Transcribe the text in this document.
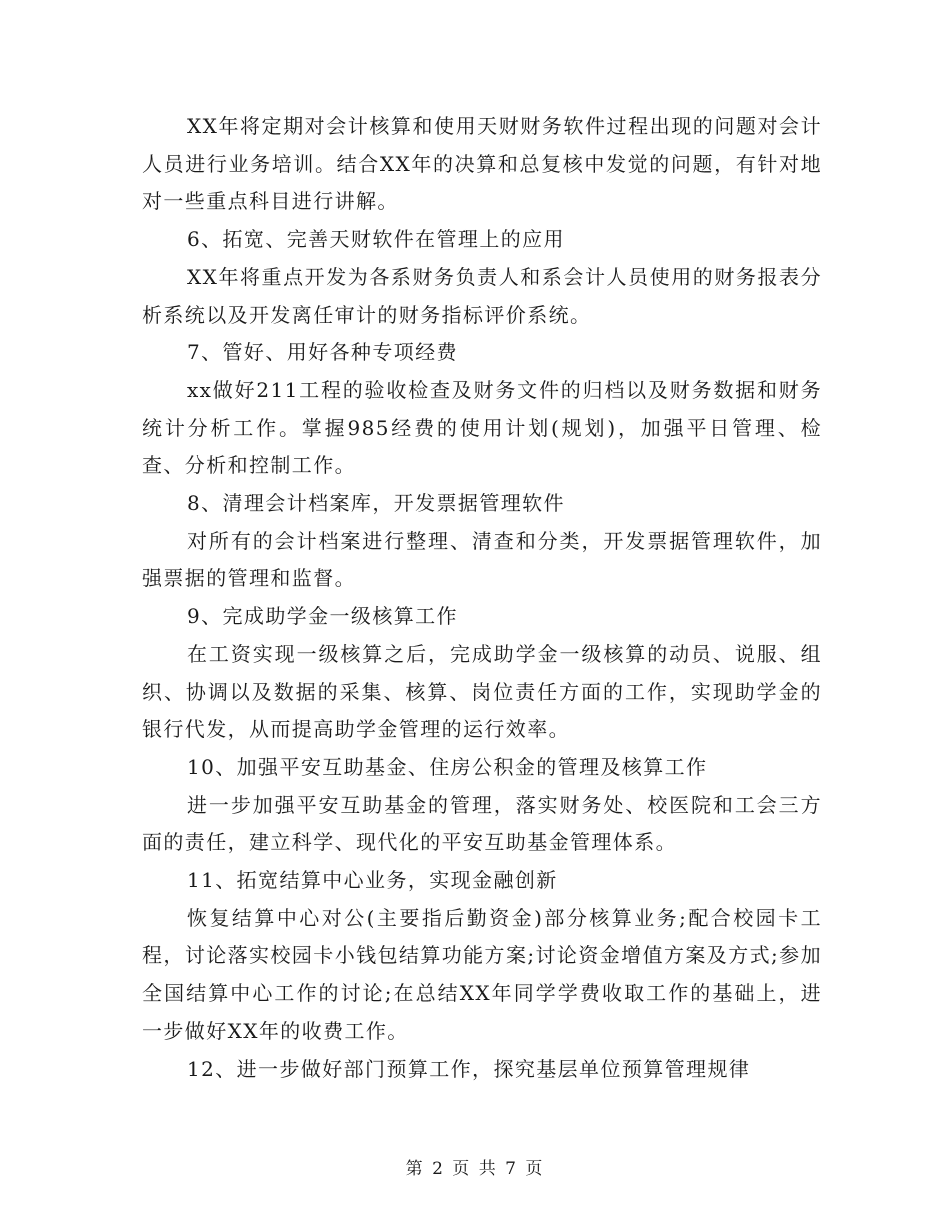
XX年将定期对会计核算和使用天财财务软件过程出现的问题对会计人员进行业务培训。结合XX年的决算和总复核中发觉的问题，有针对地对一些重点科目进行讲解。

6、拓宽、完善天财软件在管理上的应用

XX年将重点开发为各系财务负责人和系会计人员使用的财务报表分析系统以及开发离任审计的财务指标评价系统。

7、管好、用好各种专项经费

xx做好211工程的验收检查及财务文件的归档以及财务数据和财务统计分析工作。掌握985经费的使用计划(规划)，加强平日管理、检查、分析和控制工作。

8、清理会计档案库，开发票据管理软件

对所有的会计档案进行整理、清查和分类，开发票据管理软件，加强票据的管理和监督。

9、完成助学金一级核算工作

在工资实现一级核算之后，完成助学金一级核算的动员、说服、组织、协调以及数据的采集、核算、岗位责任方面的工作，实现助学金的银行代发，从而提高助学金管理的运行效率。

10、加强平安互助基金、住房公积金的管理及核算工作

进一步加强平安互助基金的管理，落实财务处、校医院和工会三方面的责任，建立科学、现代化的平安互助基金管理体系。

11、拓宽结算中心业务，实现金融创新

恢复结算中心对公(主要指后勤资金)部分核算业务;配合校园卡工程，讨论落实校园卡小钱包结算功能方案;讨论资金增值方案及方式;参加全国结算中心工作的讨论;在总结XX年同学学费收取工作的基础上，进一步做好XX年的收费工作。

12、进一步做好部门预算工作，探究基层单位预算管理规律

第 2 页 共 7 页
